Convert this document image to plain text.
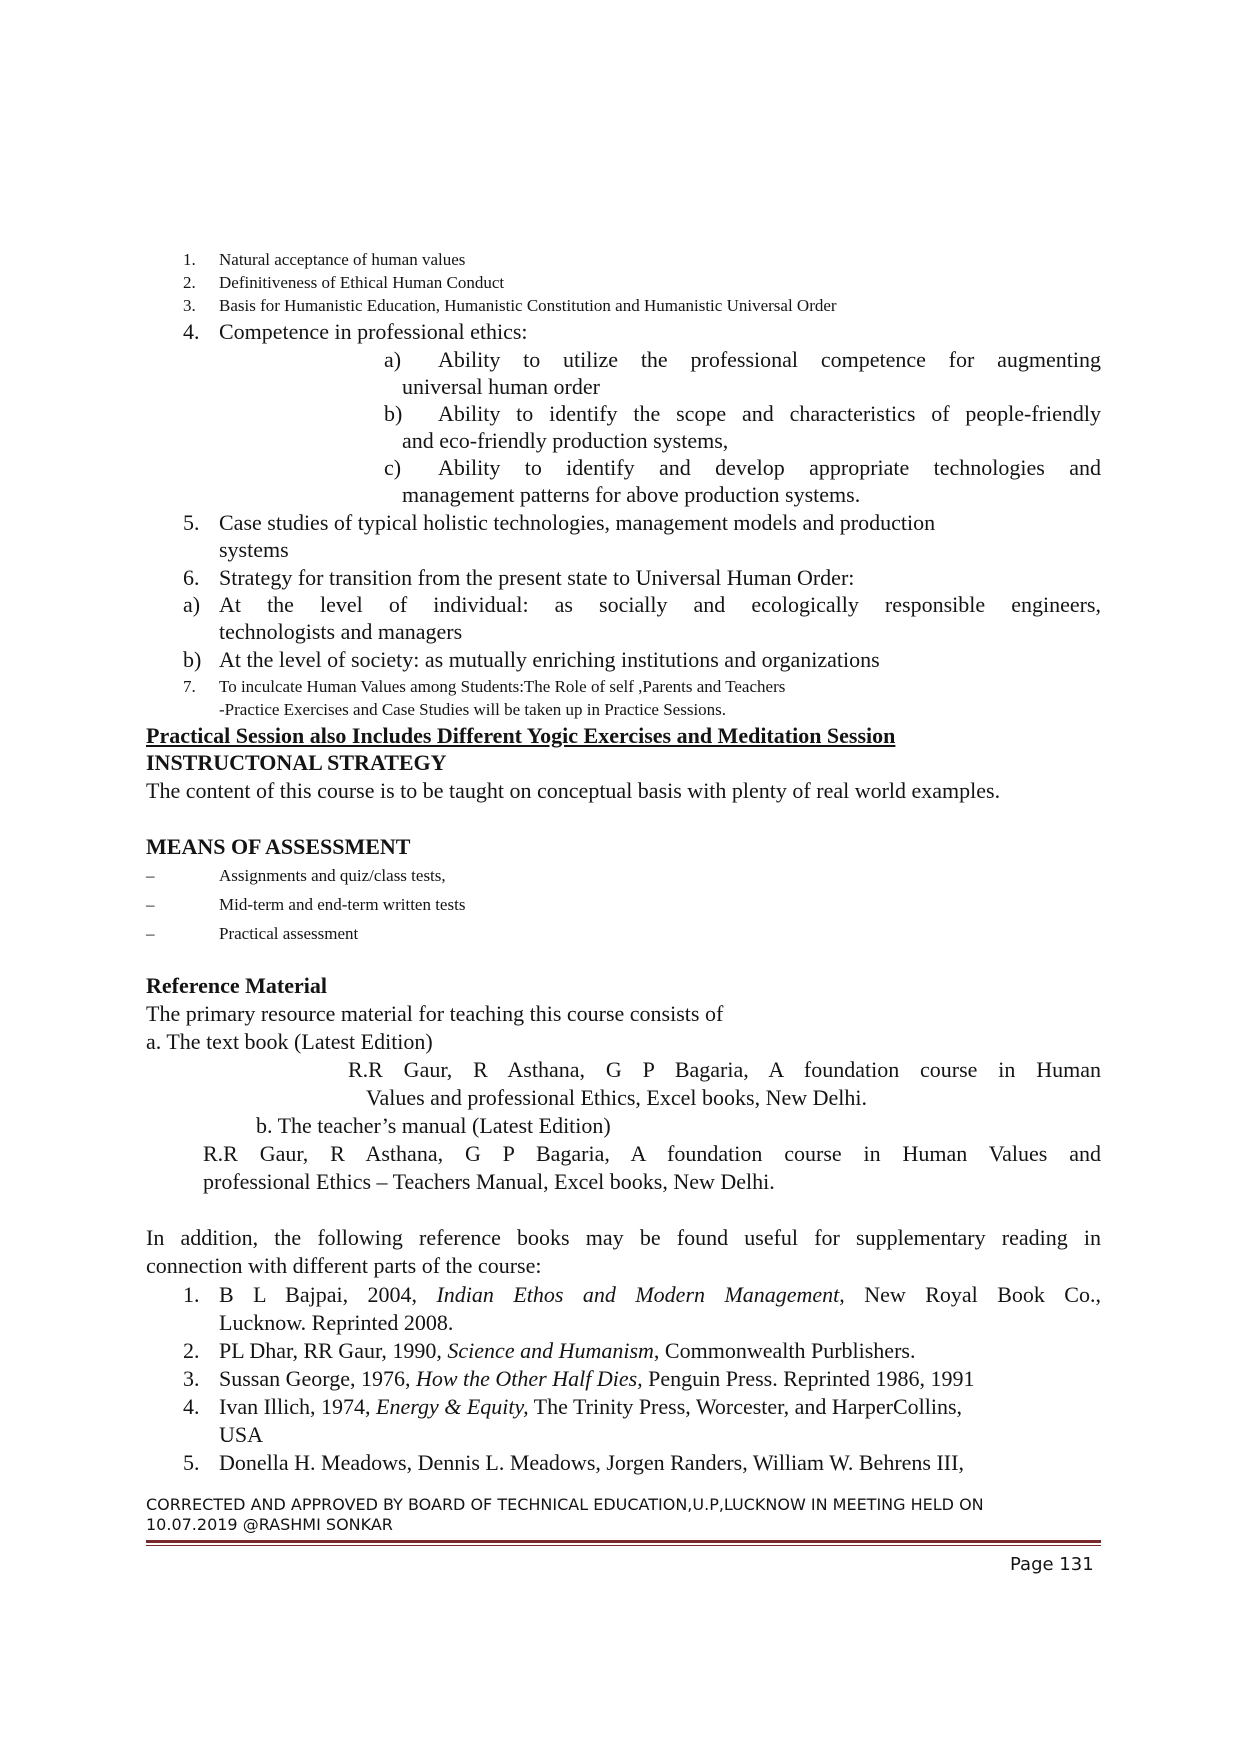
1. Natural acceptance of human values
2. Definitiveness of Ethical Human Conduct
3. Basis for Humanistic Education, Humanistic Constitution and Humanistic Universal Order
4. Competence in professional ethics:
a) Ability to utilize the professional competence for augmenting
universal human order
b) Ability to identify the scope and characteristics of people-friendly
and eco-friendly production systems,
c) Ability to identify and develop appropriate technologies and
management patterns for above production systems.
5. Case studies of typical holistic technologies, management models and production
systems
6. Strategy for transition from the present state to Universal Human Order:
a) At the level of individual: as socially and ecologically responsible engineers,
technologists and managers
b) At the level of society: as mutually enriching institutions and organizations
7. To inculcate Human Values among Students:The Role of self ,Parents and Teachers
-Practice Exercises and Case Studies will be taken up in Practice Sessions.
Practical Session also Includes Different Yogic Exercises and Meditation Session
INSTRUCTONAL STRATEGY
The content of this course is to be taught on conceptual basis with plenty of real world examples.
MEANS OF ASSESSMENT
–	Assignments and quiz/class tests,
–	Mid-term and end-term written tests
–	Practical assessment
Reference Material
The primary resource material for teaching this course consists of
a. The text book (Latest Edition)
R.R Gaur, R Asthana, G P Bagaria, A foundation course in Human
Values and professional Ethics, Excel books, New Delhi.
b. The teacher’s manual (Latest Edition)
R.R Gaur, R Asthana, G P Bagaria, A foundation course in Human Values and
professional Ethics – Teachers Manual, Excel books, New Delhi.
In addition, the following reference books may be found useful for supplementary reading in
connection with different parts of the course:
1. B L Bajpai, 2004, Indian Ethos and Modern Management, New Royal Book Co.,
Lucknow. Reprinted 2008.
2. PL Dhar, RR Gaur, 1990, Science and Humanism, Commonwealth Purblishers.
3. Sussan George, 1976, How the Other Half Dies, Penguin Press. Reprinted 1986, 1991
4. Ivan Illich, 1974, Energy & Equity, The Trinity Press, Worcester, and HarperCollins,
USA
5. Donella H. Meadows, Dennis L. Meadows, Jorgen Randers, William W. Behrens III,
CORRECTED AND APPROVED BY BOARD OF TECHNICAL EDUCATION,U.P,LUCKNOW IN MEETING HELD ON
10.07.2019 @RASHMI SONKAR
Page 131
